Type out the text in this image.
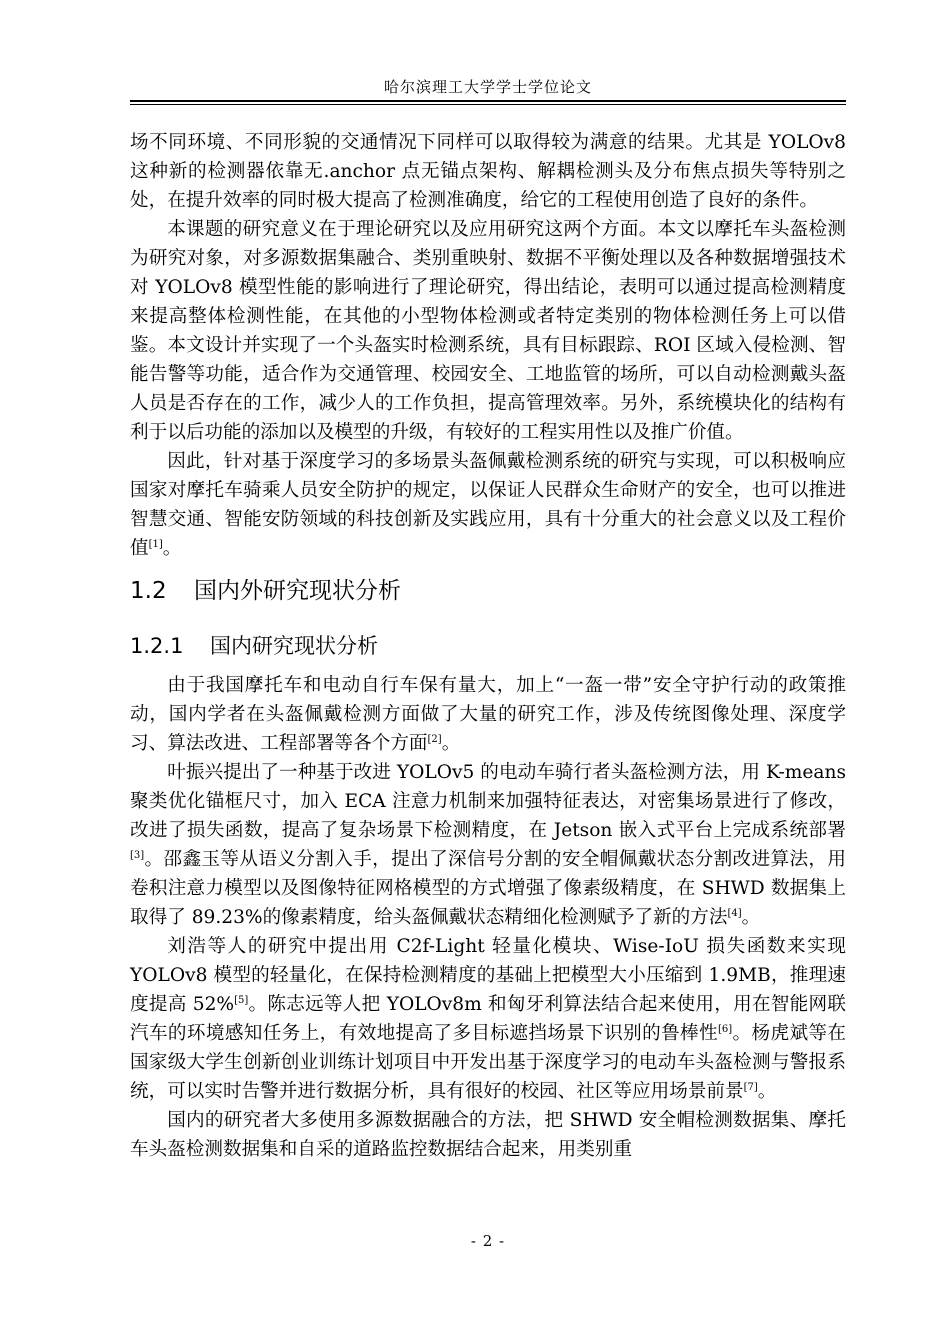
哈尔滨理工大学学士学位论文

场不同环境、不同形貌的交通情况下同样可以取得较为满意的结果。尤其是 YOLOv8 这种新的检测器依靠无.anchor 点无锚点架构、解耦检测头及分布焦点损失等特别之处，在提升效率的同时极大提高了检测准确度，给它的工程使用创造了良好的条件。

本课题的研究意义在于理论研究以及应用研究这两个方面。本文以摩托车头盔检测为研究对象，对多源数据集融合、类别重映射、数据不平衡处理以及各种数据增强技术对 YOLOv8 模型性能的影响进行了理论研究，得出结论，表明可以通过提高检测精度来提高整体检测性能，在其他的小型物体检测或者特定类别的物体检测任务上可以借鉴。本文设计并实现了一个头盔实时检测系统，具有目标跟踪、ROI 区域入侵检测、智能告警等功能，适合作为交通管理、校园安全、工地监管的场所，可以自动检测戴头盔人员是否存在的工作，减少人的工作负担，提高管理效率。另外，系统模块化的结构有利于以后功能的添加以及模型的升级，有较好的工程实用性以及推广价值。

因此，针对基于深度学习的多场景头盔佩戴检测系统的研究与实现，可以积极响应国家对摩托车骑乘人员安全防护的规定，以保证人民群众生命财产的安全，也可以推进智慧交通、智能安防领域的科技创新及实践应用，具有十分重大的社会意义以及工程价值[1]。

1.2 国内外研究现状分析
1.2.1 国内研究现状分析

由于我国摩托车和电动自行车保有量大，加上“一盔一带”安全守护行动的政策推动，国内学者在头盔佩戴检测方面做了大量的研究工作，涉及传统图像处理、深度学习、算法改进、工程部署等各个方面[2]。

叶振兴提出了一种基于改进 YOLOv5 的电动车骑行者头盔检测方法，用 K-means 聚类优化锚框尺寸，加入 ECA 注意力机制来加强特征表达，对密集场景进行了修改，改进了损失函数，提高了复杂场景下检测精度，在 Jetson 嵌入式平台上完成系统部署[3]。邵鑫玉等从语义分割入手，提出了深信号分割的安全帽佩戴状态分割改进算法，用卷积注意力模型以及图像特征网格模型的方式增强了像素级精度，在 SHWD 数据集上取得了 89.23%的像素精度，给头盔佩戴状态精细化检测赋予了新的方法[4]。

刘浩等人的研究中提出用 C2f-Light 轻量化模块、Wise-IoU 损失函数来实现 YOLOv8 模型的轻量化，在保持检测精度的基础上把模型大小压缩到 1.9MB，推理速度提高 52%[5]。陈志远等人把 YOLOv8m 和匈牙利算法结合起来使用，用在智能网联汽车的环境感知任务上，有效地提高了多目标遮挡场景下识别的鲁棒性[6]。杨虎斌等在国家级大学生创新创业训练计划项目中开发出基于深度学习的电动车头盔检测与警报系统，可以实时告警并进行数据分析，具有很好的校园、社区等应用场景前景[7]。

国内的研究者大多使用多源数据融合的方法，把 SHWD 安全帽检测数据集、摩托车头盔检测数据集和自采的道路监控数据结合起来，用类别重

- 2 -
